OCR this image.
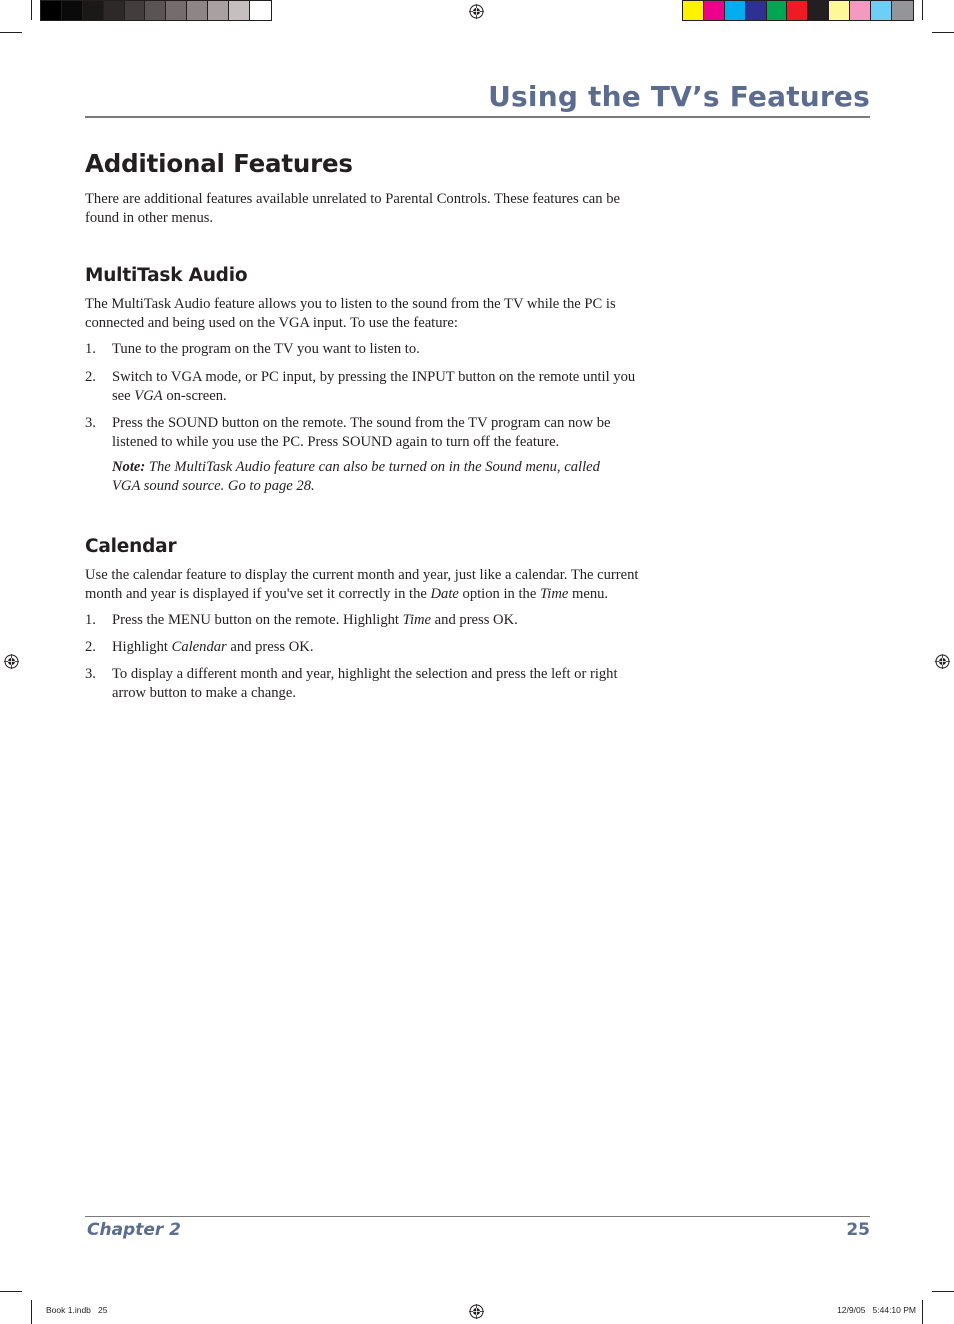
Using the TV’s Features
Additional Features
There are additional features available unrelated to Parental Controls. These features can be
found in other menus.
MultiTask Audio
The MultiTask Audio feature allows you to listen to the sound from the TV while the PC is
connected and being used on the VGA input. To use the feature:
1. Tune to the program on the TV you want to listen to.
2. Switch to VGA mode, or PC input, by pressing the INPUT button on the remote until you
see VGA on-screen.
3. Press the SOUND button on the remote. The sound from the TV program can now be
listened to while you use the PC. Press SOUND again to turn off the feature.
Note: The MultiTask Audio feature can also be turned on in the Sound menu, called
VGA sound source. Go to page 28.
Calendar
Use the calendar feature to display the current month and year, just like a calendar. The current
month and year is displayed if you've set it correctly in the Date option in the Time menu.
1. Press the MENU button on the remote. Highlight Time and press OK.
2. Highlight Calendar and press OK.
3. To display a different month and year, highlight the selection and press the left or right
arrow button to make a change.
Chapter 2	25
Book 1.indb   25	12/9/05   5:44:10 PM
